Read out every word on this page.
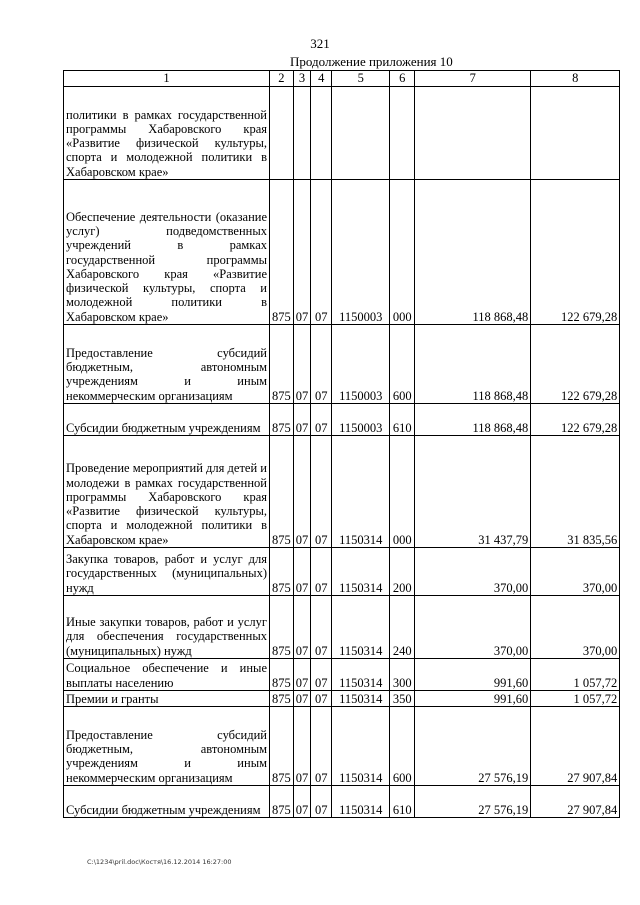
321
Продолжение приложения 10
1	2	3	4	5	6	7	8
политики в рамках государственной программы Хабаровского края «Развитие физической культуры, спорта и молодежной политики в Хабаровском крае»							
Обеспечение деятельности (оказание услуг) подведомственных учреждений в рамках государственной программы Хабаровского края «Развитие физической культуры, спорта и молодежной политики в Хабаровском крае»	875	07	07	1150003	000	118 868,48	122 679,28
Предоставление субсидий бюджетным, автономным учреждениям и иным некоммерческим организациям	875	07	07	1150003	600	118 868,48	122 679,28
Субсидии бюджетным учреждениям	875	07	07	1150003	610	118 868,48	122 679,28
Проведение мероприятий для детей и молодежи в рамках государственной программы Хабаровского края «Развитие физической культуры, спорта и молодежной политики в Хабаровском крае»	875	07	07	1150314	000	31 437,79	31 835,56
Закупка товаров, работ и услуг для государственных (муниципальных) нужд	875	07	07	1150314	200	370,00	370,00
Иные закупки товаров, работ и услуг для обеспечения государственных (муниципальных) нужд	875	07	07	1150314	240	370,00	370,00
Социальное обеспечение и иные выплаты населению	875	07	07	1150314	300	991,60	1 057,72
Премии и гранты	875	07	07	1150314	350	991,60	1 057,72
Предоставление субсидий бюджетным, автономным учреждениям и иным некоммерческим организациям	875	07	07	1150314	600	27 576,19	27 907,84
Субсидии бюджетным учреждениям	875	07	07	1150314	610	27 576,19	27 907,84
C:\1234\pril.doc\Костя\16.12.2014 16:27:00
